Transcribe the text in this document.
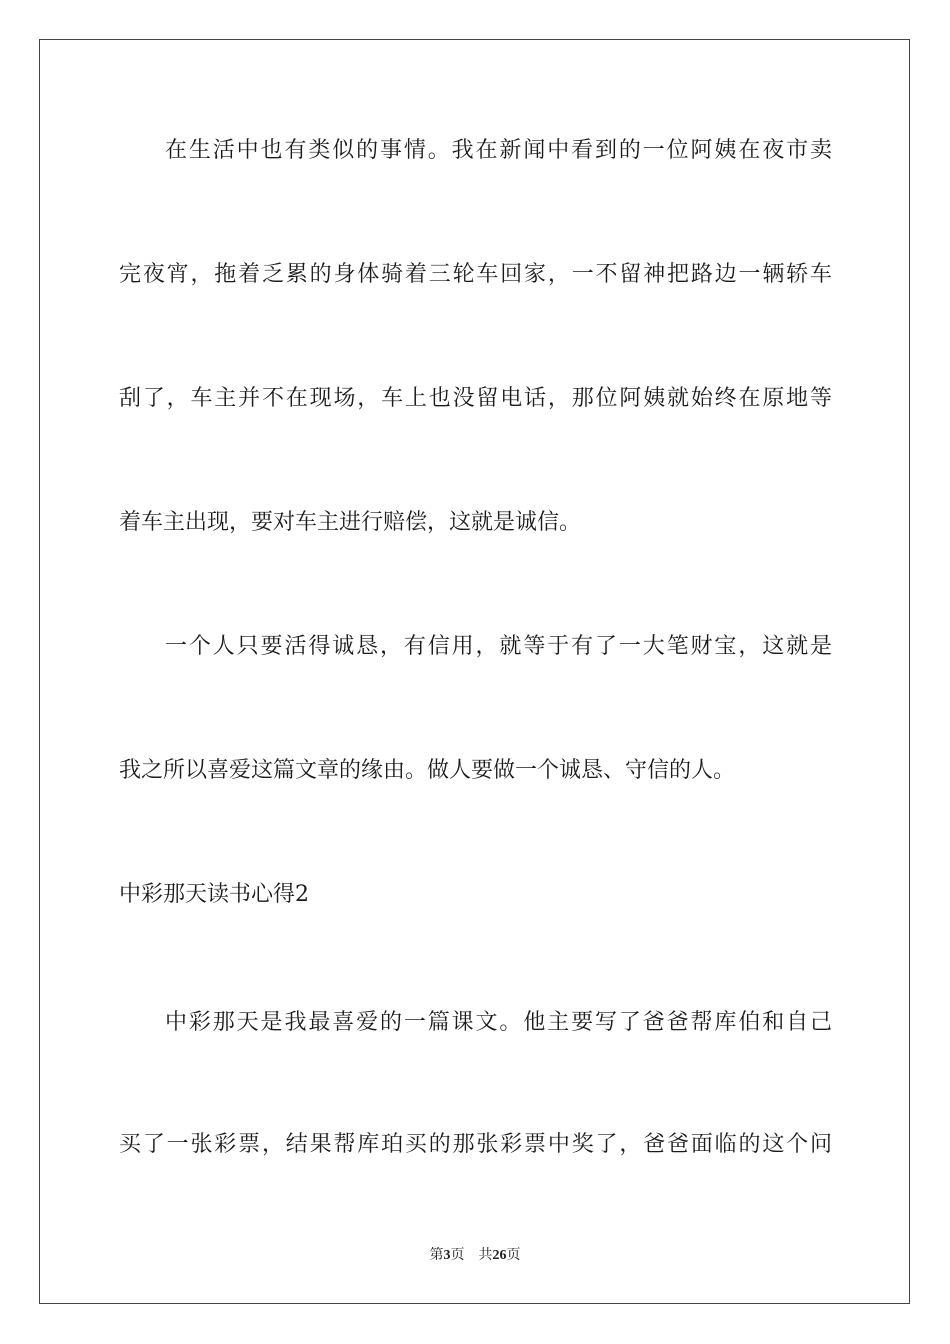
在生活中也有类似的事情。我在新闻中看到的一位阿姨在夜市卖

完夜宵，拖着乏累的身体骑着三轮车回家，一不留神把路边一辆轿车

刮了，车主并不在现场，车上也没留电话，那位阿姨就始终在原地等

着车主出现，要对车主进行赔偿，这就是诚信。

一个人只要活得诚恳，有信用，就等于有了一大笔财宝，这就是

我之所以喜爱这篇文章的缘由。做人要做一个诚恳、守信的人。

中彩那天读书心得2

中彩那天是我最喜爱的一篇课文。他主要写了爸爸帮库伯和自己

买了一张彩票，结果帮库珀买的那张彩票中奖了，爸爸面临的这个问

第3页 共26页
